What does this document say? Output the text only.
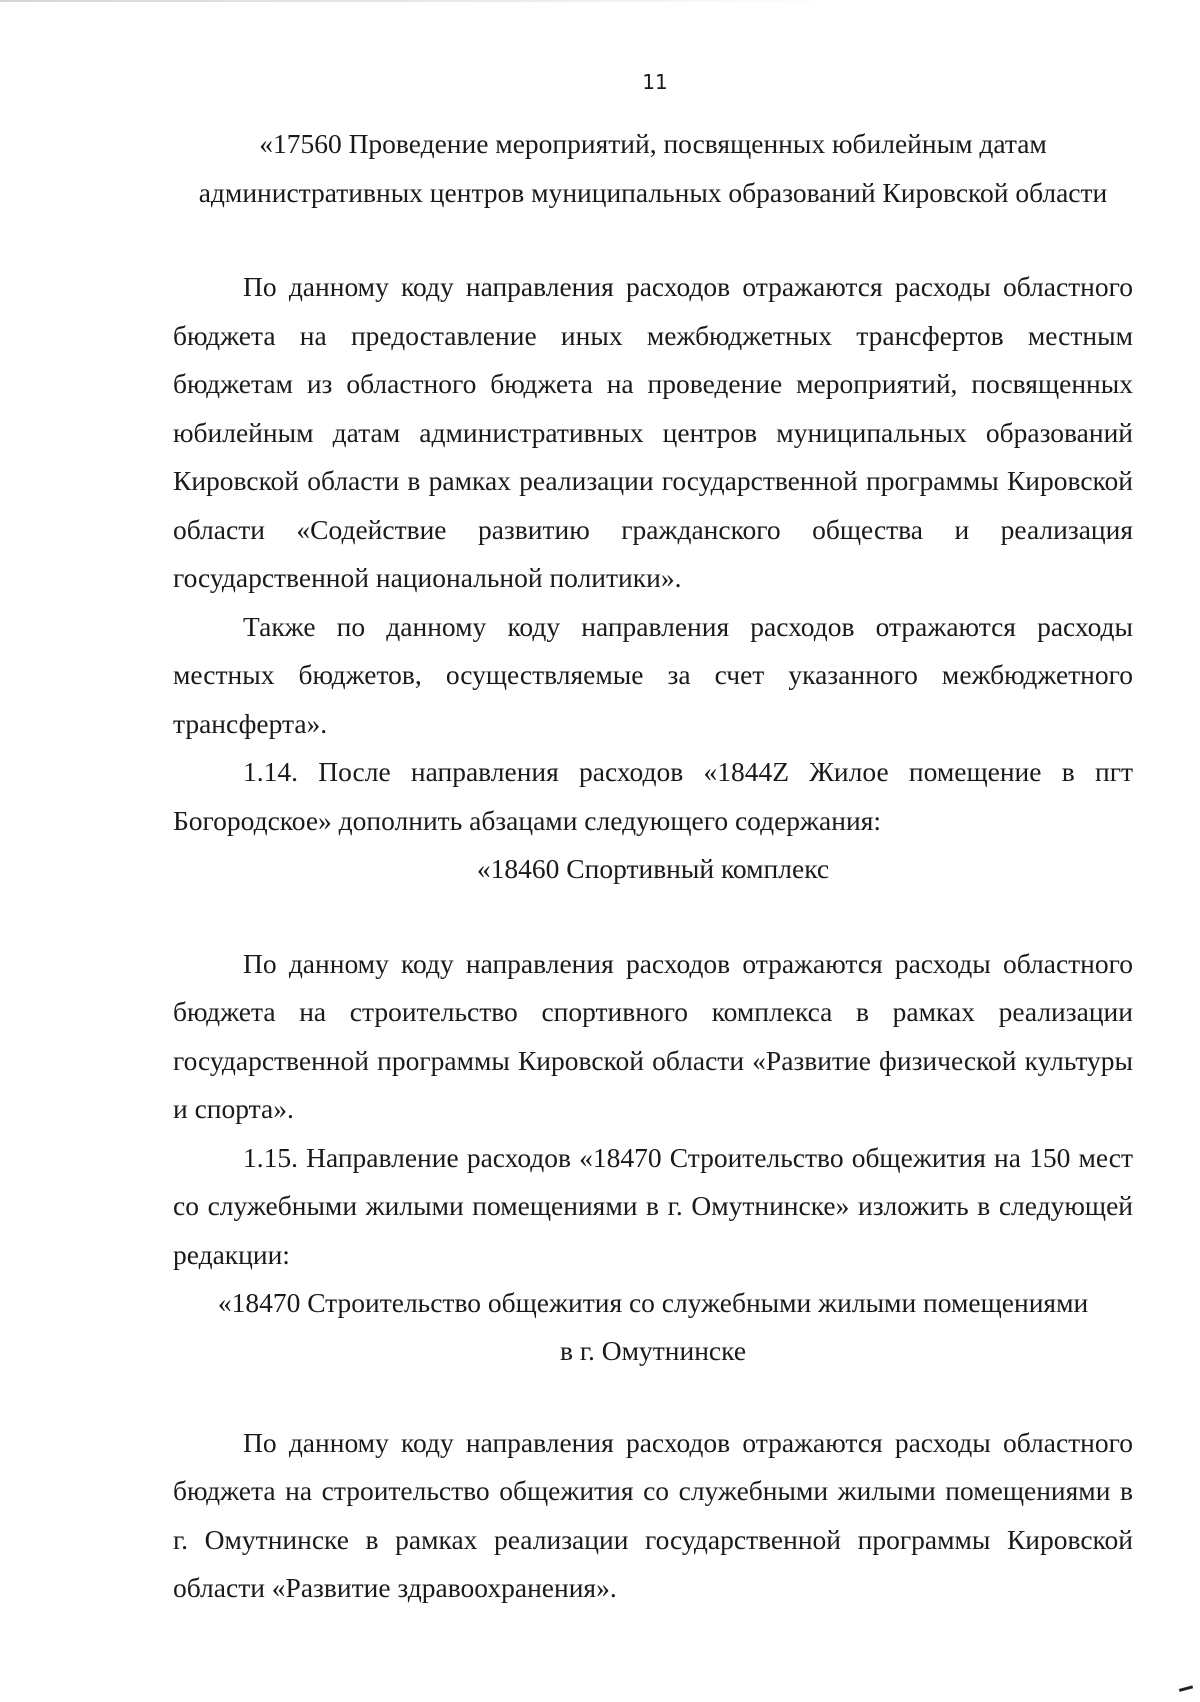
11

«17560 Проведение мероприятий, посвященных юбилейным датам

административных центров муниципальных образований Кировской области

По данному коду направления расходов отражаются расходы областного бюджета на предоставление иных межбюджетных трансфертов местным бюджетам из областного бюджета на проведение мероприятий, посвященных юбилейным датам административных центров муниципальных образований Кировской области в рамках реализации государственной программы Кировской области «Содействие развитию гражданского общества и реализация государственной национальной политики».

Также по данному коду направления расходов отражаются расходы местных бюджетов, осуществляемые за счет указанного межбюджетного трансферта».

1.14. После направления расходов «1844Z Жилое помещение в пгт Богородское» дополнить абзацами следующего содержания:

«18460 Спортивный комплекс

По данному коду направления расходов отражаются расходы областного бюджета на строительство спортивного комплекса в рамках реализации государственной программы Кировской области «Развитие физической культуры и спорта».

1.15. Направление расходов «18470 Строительство общежития на 150 мест со служебными жилыми помещениями в г. Омутнинске» изложить в следующей редакции:

«18470 Строительство общежития со служебными жилыми помещениями

в г. Омутнинске

По данному коду направления расходов отражаются расходы областного бюджета на строительство общежития со служебными жилыми помещениями в г. Омутнинске в рамках реализации государственной программы Кировской области «Развитие здравоохранения».
